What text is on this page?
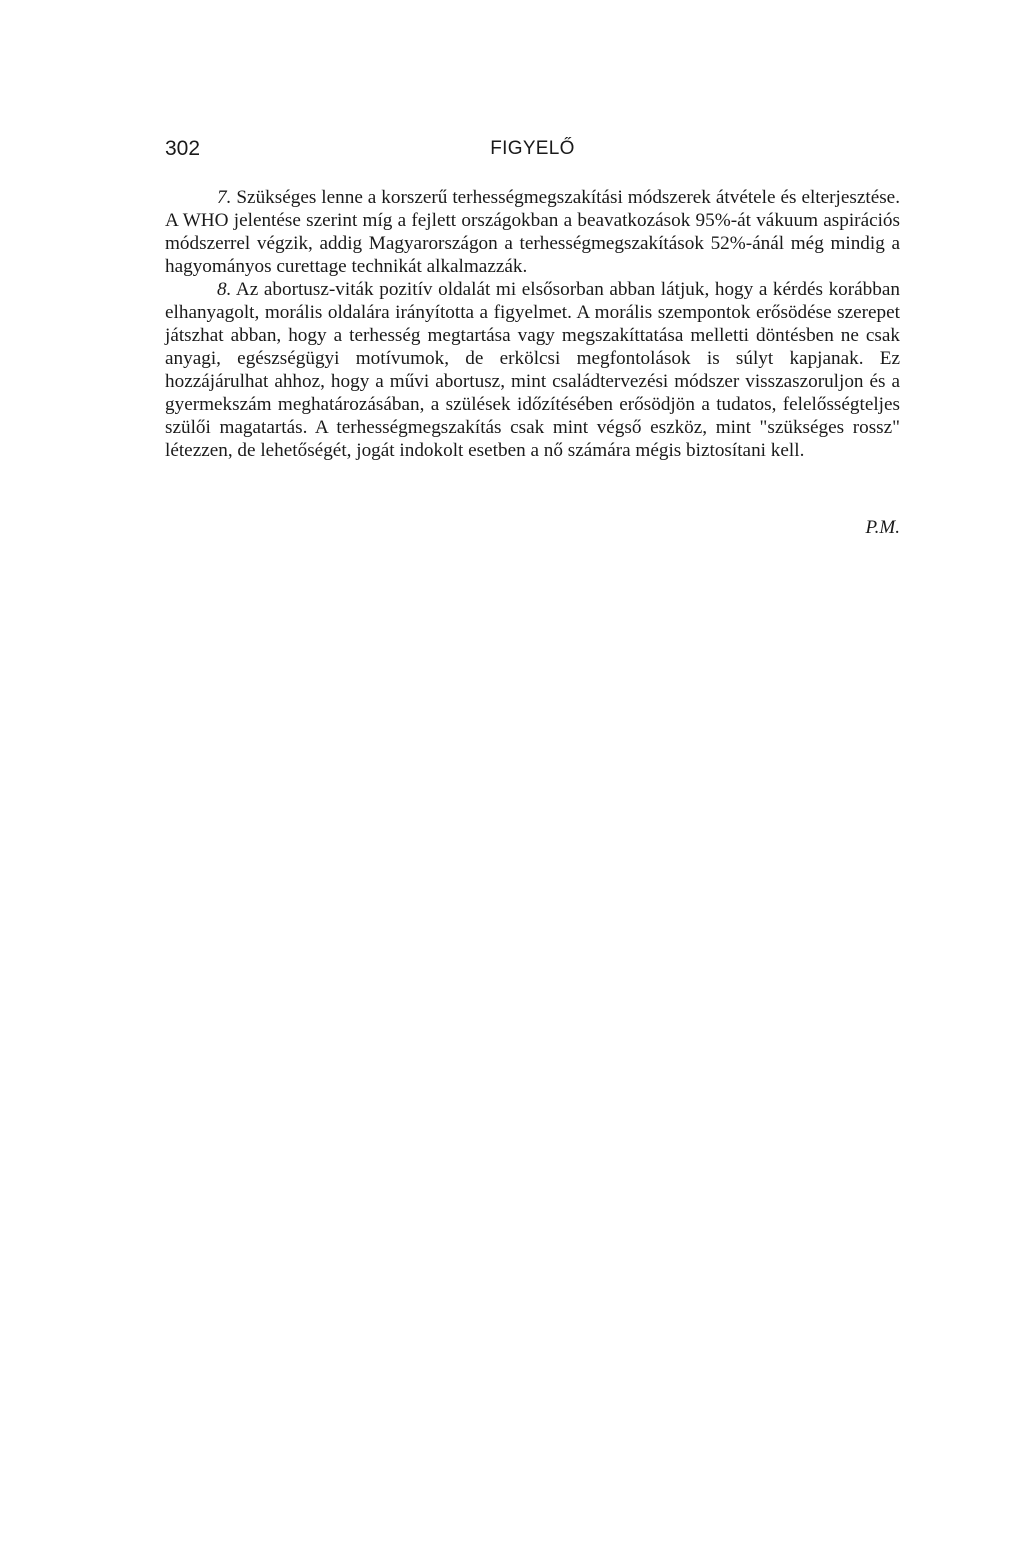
302	FIGYELŐ

7. Szükséges lenne a korszerű terhességmegszakítási módszerek átvétele és elterjesztése. A WHO jelentése szerint míg a fejlett országokban a beavatkozások 95%-át vákuum aspirációs módszerrel végzik, addig Magyarországon a terhességmegszakítások 52%-ánál még mindig a hagyományos curettage technikát alkalmazzák.

8. Az abortusz-viták pozitív oldalát mi elsősorban abban látjuk, hogy a kérdés korábban elhanyagolt, morális oldalára irányította a figyelmet. A morális szempontok erősödése szerepet játszhat abban, hogy a terhesség megtartása vagy megszakíttatása melletti döntésben ne csak anyagi, egészségügyi motívumok, de erkölcsi megfontolások is súlyt kapjanak. Ez hozzájárulhat ahhoz, hogy a művi abortusz, mint családtervezési módszer visszaszoruljon és a gyermekszám meghatározásában, a szülések időzítésében erősödjön a tudatos, felelősségteljes szülői magatartás. A terhességmegszakítás csak mint végső eszköz, mint "szükséges rossz" létezzen, de lehetőségét, jogát indokolt esetben a nő számára mégis biztosítani kell.

P.M.
